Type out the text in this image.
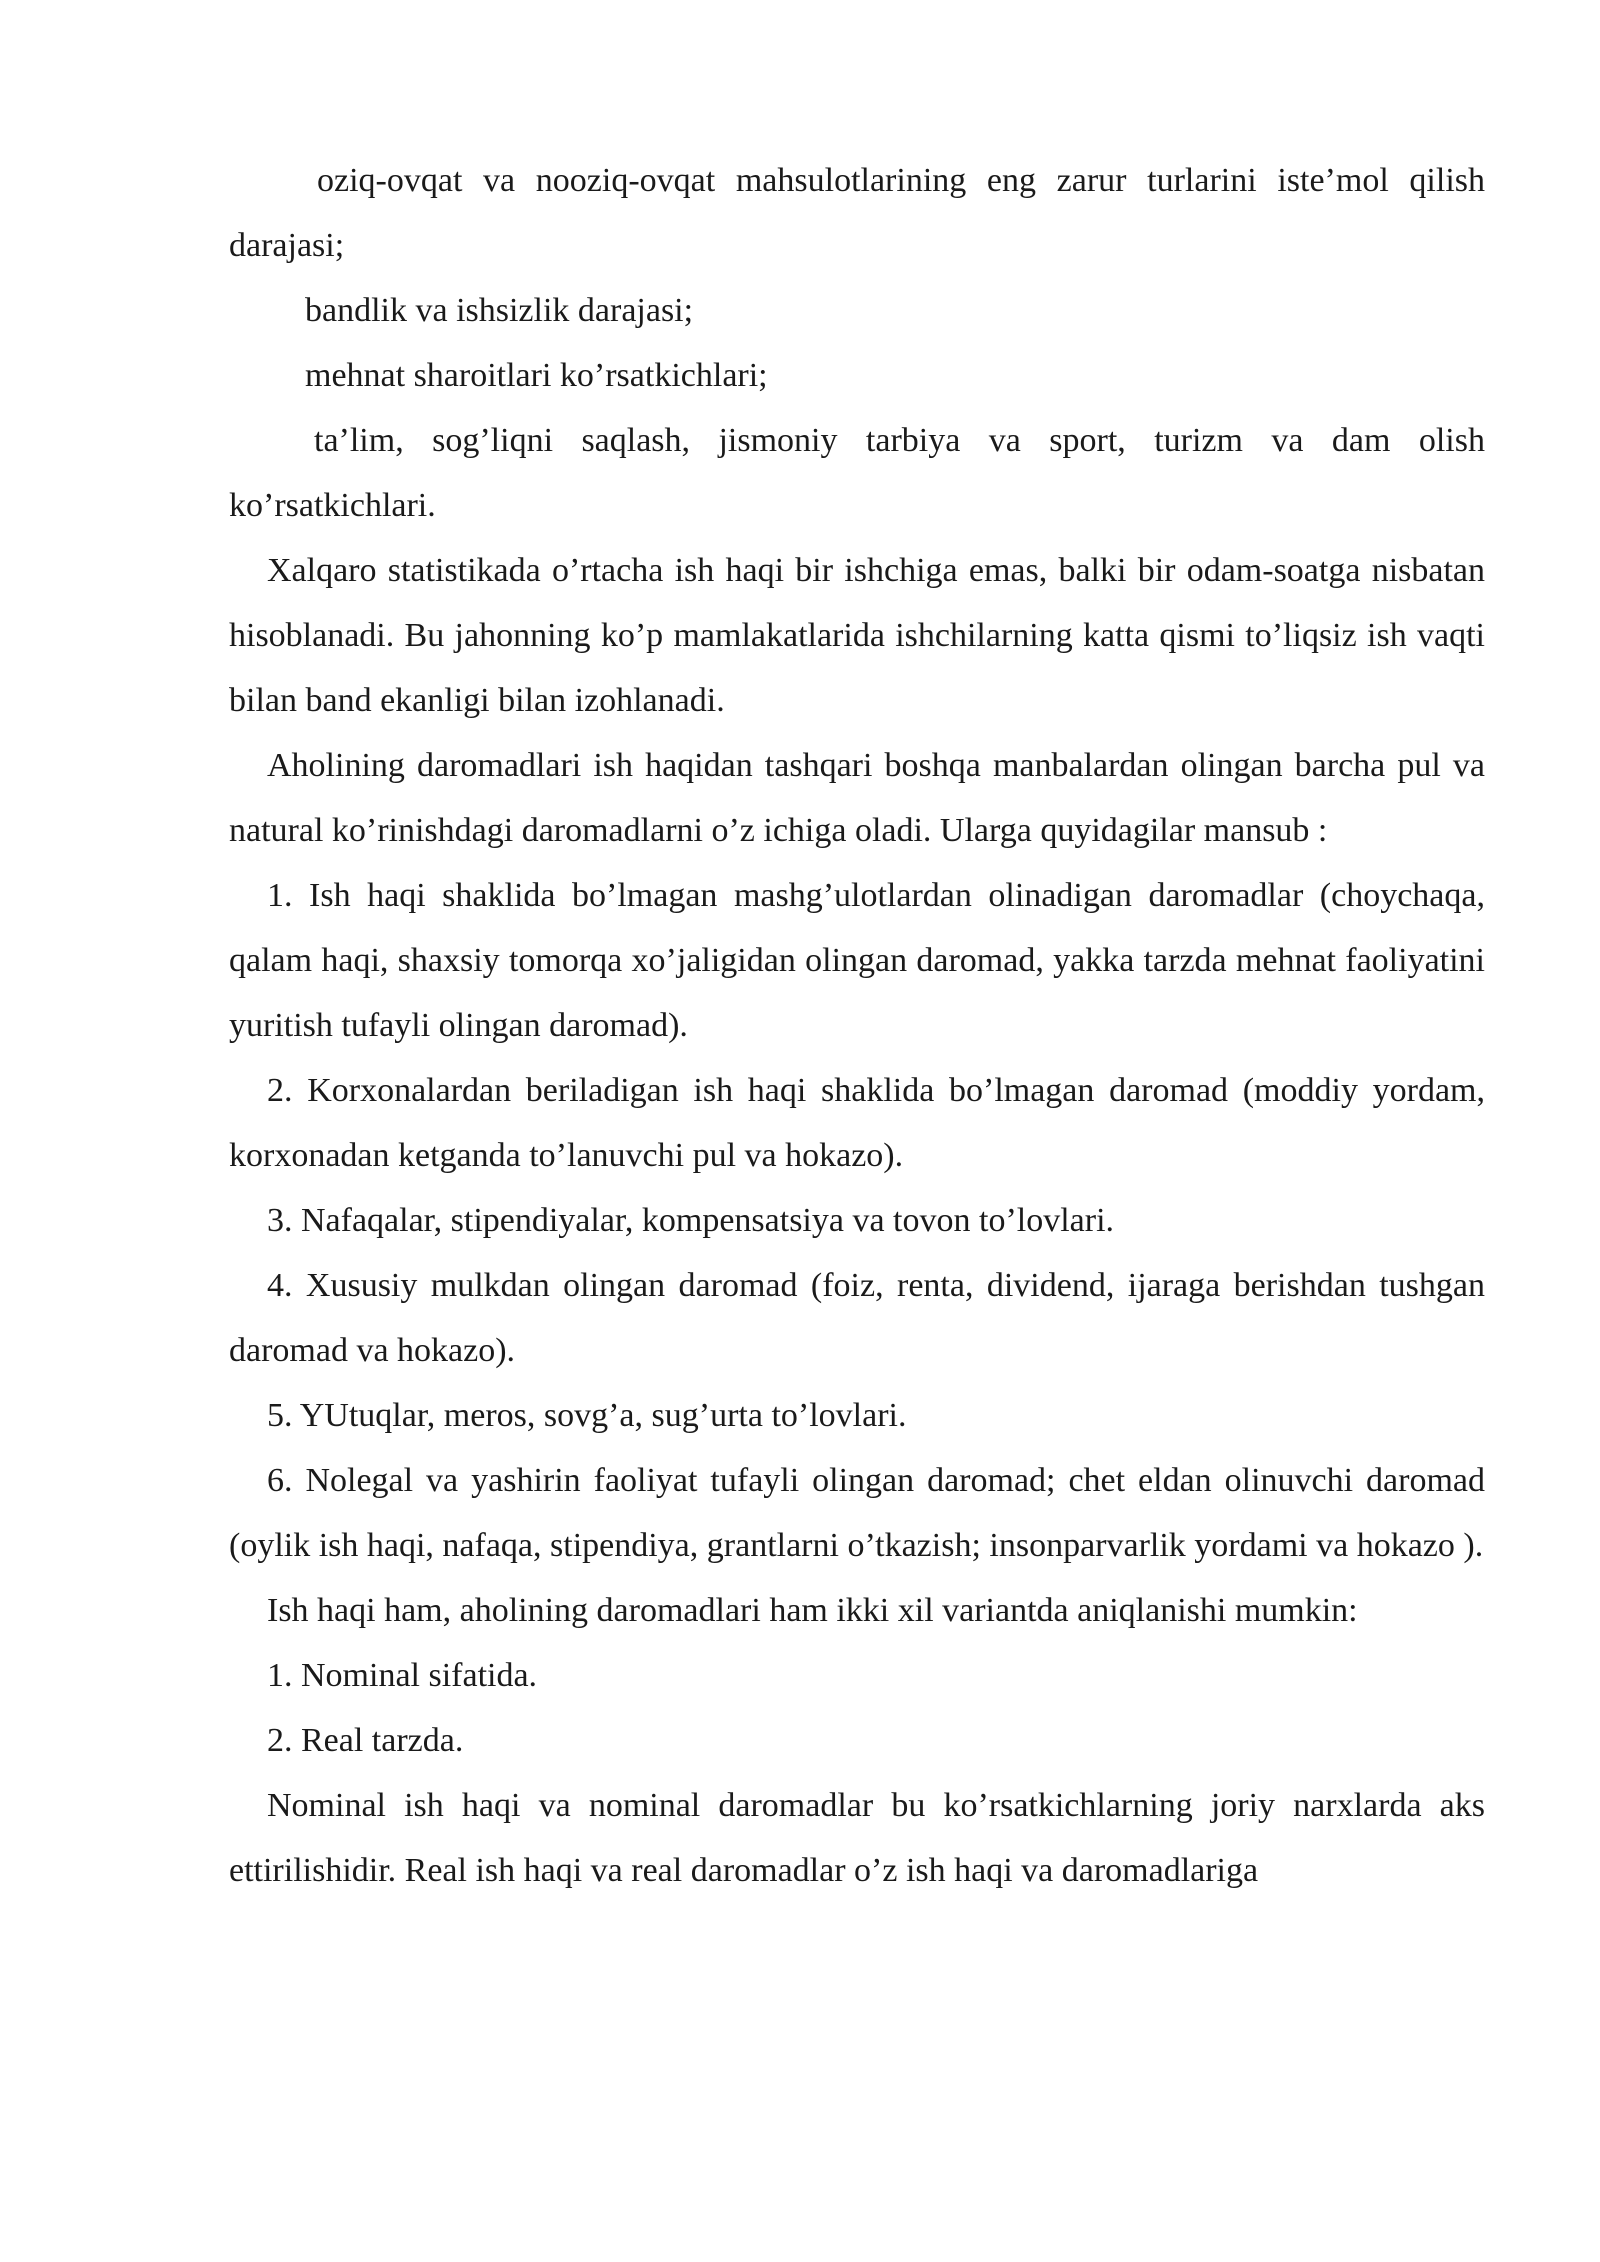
oziq-ovqat va nooziq-ovqat mahsulotlarining eng zarur turlarini iste’mol qilish darajasi;

bandlik va ishsizlik darajasi;

mehnat sharoitlari ko’rsatkichlari;

ta’lim, sog’liqni saqlash, jismoniy tarbiya va sport, turizm va dam olish ko’rsatkichlari.

Xalqaro statistikada o’rtacha ish haqi bir ishchiga emas, balki bir odam-soatga nisbatan hisoblanadi. Bu jahonning ko’p mamlakatlarida ishchilarning katta qismi to’liqsiz ish vaqti bilan band ekanligi bilan izohlanadi.

Aholining daromadlari ish haqidan tashqari boshqa manbalardan olingan barcha pul va natural ko’rinishdagi daromadlarni o’z ichiga oladi. Ularga quyidagilar mansub :

1. Ish haqi shaklida bo’lmagan mashg’ulotlardan olinadigan daromadlar (choychaqa, qalam haqi, shaxsiy tomorqa xo’jaligidan olingan daromad, yakka tarzda mehnat faoliyatini yuritish tufayli olingan daromad).

2. Korxonalardan beriladigan ish haqi shaklida bo’lmagan daromad (moddiy yordam, korxonadan ketganda to’lanuvchi pul va hokazo).

3. Nafaqalar, stipendiyalar, kompensatsiya va tovon to’lovlari.

4. Xususiy mulkdan olingan daromad (foiz, renta, dividend, ijaraga berishdan tushgan daromad va hokazo).

5. YUtuqlar, meros, sovg’a, sug’urta to’lovlari.

6. Nolegal va yashirin faoliyat tufayli olingan daromad; chet eldan olinuvchi daromad (oylik ish haqi, nafaqa, stipendiya, grantlarni o’tkazish; insonparvarlik yordami va hokazo ).

Ish haqi ham, aholining daromadlari ham ikki xil variantda aniqlanishi mumkin:

1. Nominal sifatida.

2. Real tarzda.

Nominal ish haqi va nominal daromadlar bu ko’rsatkichlarning joriy narxlarda aks ettirilishidir. Real ish haqi va real daromadlar o’z ish haqi va daromadlariga
